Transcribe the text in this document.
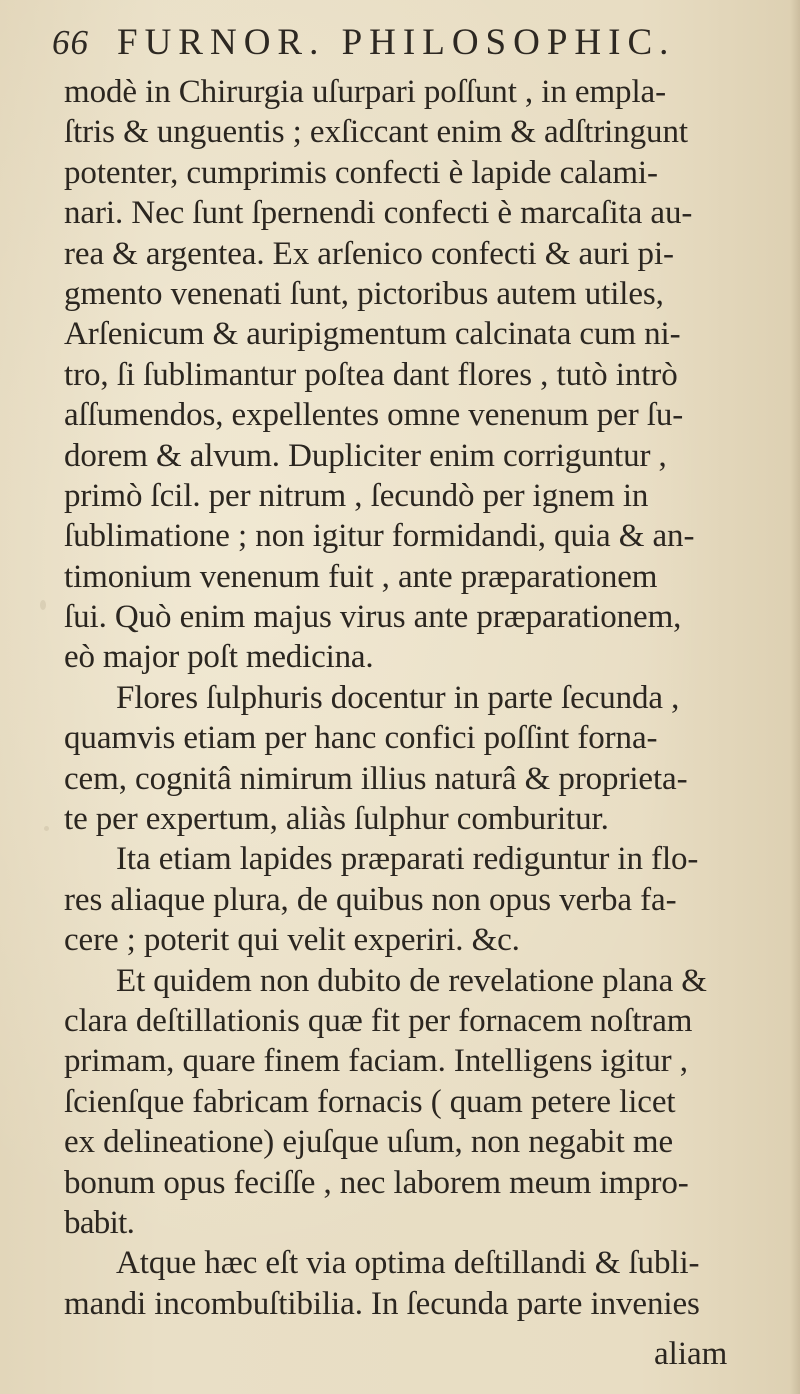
66 FURNOR. PHILOSOPHIC.
modè in Chirurgia uſurpari poſſunt , in empla-
ſtris & unguentis ; exſiccant enim & adſtringunt
potenter, cumprimis confecti è lapide calami-
nari. Nec ſunt ſpernendi confecti è marcaſita au-
rea & argentea. Ex arſenico confecti & auri pi-
gmento venenati ſunt, pictoribus autem utiles,
Arſenicum & auripigmentum calcinata cum ni-
tro, ſi ſublimantur poſtea dant flores , tutò intrò
aſſumendos, expellentes omne venenum per ſu-
dorem & alvum. Dupliciter enim corriguntur ,
primò ſcil. per nitrum , ſecundò per ignem in
ſublimatione ; non igitur formidandi, quia & an-
timonium venenum fuit , ante præparationem
ſui. Quò enim majus virus ante præparationem,
eò major poſt medicina.
Flores ſulphuris docentur in parte ſecunda ,
quamvis etiam per hanc confici poſſint forna-
cem, cognitâ nimirum illius naturâ & proprieta-
te per expertum, aliàs ſulphur comburitur.
Ita etiam lapides præparati rediguntur in flo-
res aliaque plura, de quibus non opus verba fa-
cere ; poterit qui velit experiri. &c.
Et quidem non dubito de revelatione plana &
clara deſtillationis quæ fit per fornacem noſtram
primam, quare finem faciam. Intelligens igitur ,
ſcienſque fabricam fornacis ( quam petere licet
ex delineatione) ejuſque uſum, non negabit me
bonum opus feciſſe , nec laborem meum impro-
babit.
Atque hæc eſt via optima deſtillandi & ſubli-
mandi incombuſtibilia. In ſecunda parte invenies
aliam
